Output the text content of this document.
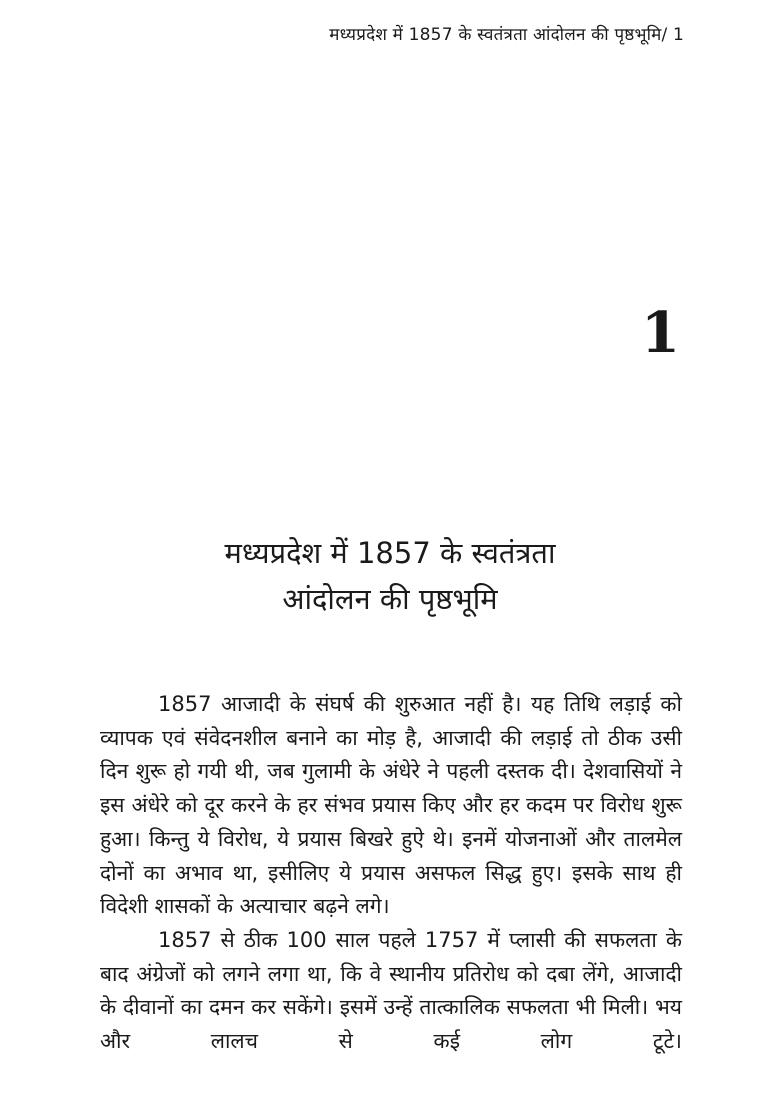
मध्यप्रदेश में 1857 के स्वतंत्रता आंदोलन की पृष्ठभूमि/ 1
1
मध्यप्रदेश में 1857 के स्वतंत्रता
आंदोलन की पृष्ठभूमि

1857 आजादी के संघर्ष की शुरुआत नहीं है। यह तिथि लड़ाई को व्यापक एवं संवेदनशील बनाने का मोड़ है, आजादी की लड़ाई तो ठीक उसी दिन शुरू हो गयी थी, जब गुलामी के अंधेरे ने पहली दस्तक दी। देशवासियों ने इस अंधेरे को दूर करने के हर संभव प्रयास किए और हर कदम पर विरोध शुरू हुआ। किन्तु ये विरोध, ये प्रयास बिखरे हुऐ थे। इनमें योजनाओं और तालमेल दोनों का अभाव था, इसीलिए ये प्रयास असफल सिद्ध हुए। इसके साथ ही विदेशी शासकों के अत्याचार बढ़ने लगे।

1857 से ठीक 100 साल पहले 1757 में प्लासी की सफलता के बाद अंग्रेजों को लगने लगा था, कि वे स्थानीय प्रतिरोध को दबा लेंगे, आजादी के दीवानों का दमन कर सकेंगे। इसमें उन्हें तात्कालिक सफलता भी मिली। भय और लालच से कई लोग टूटे।
